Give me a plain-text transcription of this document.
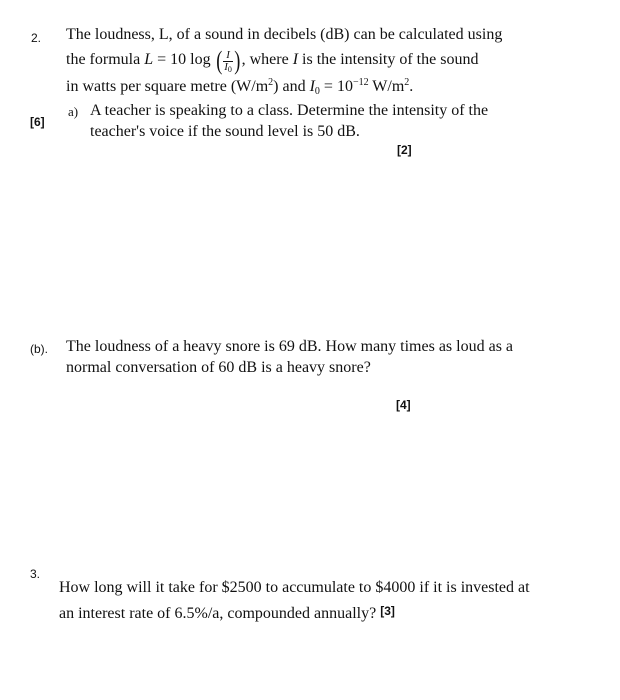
2. The loudness, L, of a sound in decibels (dB) can be calculated using
the formula L = 10 log ( $\frac{I}{I_0}$ ), where I is the intensity of the sound
in watts per square metre $(W/m^2)$ and $I_0 = 10^{-12}$ $W/m^2$.
[6]
a) A teacher is speaking to a class. Determine the intensity of the
teacher's voice if the sound level is 50 dB.
[2]
(b). The loudness of a heavy snore is 69 dB. How many times as loud as a
normal conversation of 60 dB is a heavy snore?
[4]
3.
How long will it take for $2500 to accumulate to $4000 if it is invested at
an interest rate of 6.5%/a, compounded annually? [3]
